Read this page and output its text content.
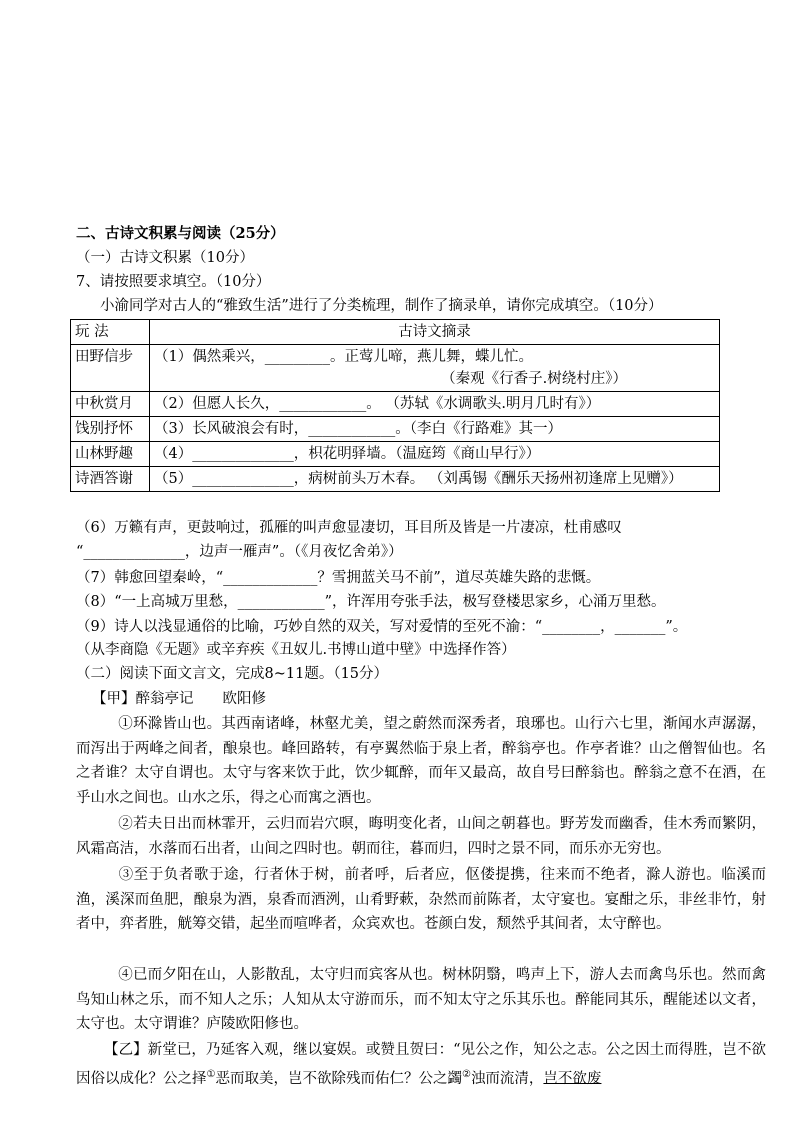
二、古诗文积累与阅读（25分）
（一）古诗文积累（10分）
7、请按照要求填空。（10分）
小渝同学对古人的“雅致生活”进行了分类梳理，制作了摘录单，请你完成填空。（10分）
玩 法	古诗文摘录
田野信步	（1）偶然乘兴，_________。正莺儿啼，燕儿舞，蝶儿忙。
（秦观《行香子.树绕村庄》）

中秋赏月	（2）但愿人长久，____________。 （苏轼《水调歌头.明月几时有》）
饯别抒怀	（3）长风破浪会有时，____________。（李白《行路难》其一）
山林野趣	（4）______________，枳花明驿墙。（温庭筠《商山早行》）
诗酒答谢	（5）______________，病树前头万木春。 （刘禹锡《酬乐天扬州初逢席上见赠》）
（6）万籁有声，更鼓响过，孤雁的叫声愈显凄切，耳目所及皆是一片凄凉，杜甫感叹
“______________，边声一雁声”。（《月夜忆舍弟》）
（7）韩愈回望秦岭，“_____________？雪拥蓝关马不前”，道尽英雄失路的悲慨。
（8）“一上高城万里愁，____________”，许浑用夸张手法，极写登楼思家乡，心涌万里愁。
（9）诗人以浅显通俗的比喻，巧妙自然的双关，写对爱情的至死不渝：“________，_______”。
（从李商隐《无题》或辛弃疾《丑奴儿.书博山道中壁》中选择作答）
（二）阅读下面文言文，完成8~11题。（15分）
【甲】醉翁亭记　　欧阳修
①环滁皆山也。其西南诸峰，林壑尤美，望之蔚然而深秀者，琅琊也。山行六七里，渐闻水声潺潺，而泻出于两峰之间者，酿泉也。峰回路转，有亭翼然临于泉上者，醉翁亭也。作亭者谁？山之僧智仙也。名之者谁？太守自谓也。太守与客来饮于此，饮少辄醉，而年又最高，故自号曰醉翁也。醉翁之意不在酒，在乎山水之间也。山水之乐，得之心而寓之酒也。
②若夫日出而林霏开，云归而岩穴暝，晦明变化者，山间之朝暮也。野芳发而幽香，佳木秀而繁阴，风霜高洁，水落而石出者，山间之四时也。朝而往，暮而归，四时之景不同，而乐亦无穷也。
③至于负者歌于途，行者休于树，前者呼，后者应，伛偻提携，往来而不绝者，滁人游也。临溪而渔，溪深而鱼肥，酿泉为酒，泉香而酒洌，山肴野蔌，杂然而前陈者，太守宴也。宴酣之乐，非丝非竹，射者中，弈者胜，觥筹交错，起坐而喧哗者，众宾欢也。苍颜白发，颓然乎其间者，太守醉也。
④已而夕阳在山，人影散乱，太守归而宾客从也。树林阴翳，鸣声上下，游人去而禽鸟乐也。然而禽鸟知山林之乐，而不知人之乐；人知从太守游而乐，而不知太守之乐其乐也。醉能同其乐，醒能述以文者，太守也。太守谓谁？庐陵欧阳修也。
【乙】新堂已，乃延客入观，继以宴娱。或赞且贺曰：“见公之作，知公之志。公之因土而得胜，岂不欲因俗以成化？公之择①恶而取美，岂不欲除残而佑仁？公之蠲②浊而流清，岂不欲废
